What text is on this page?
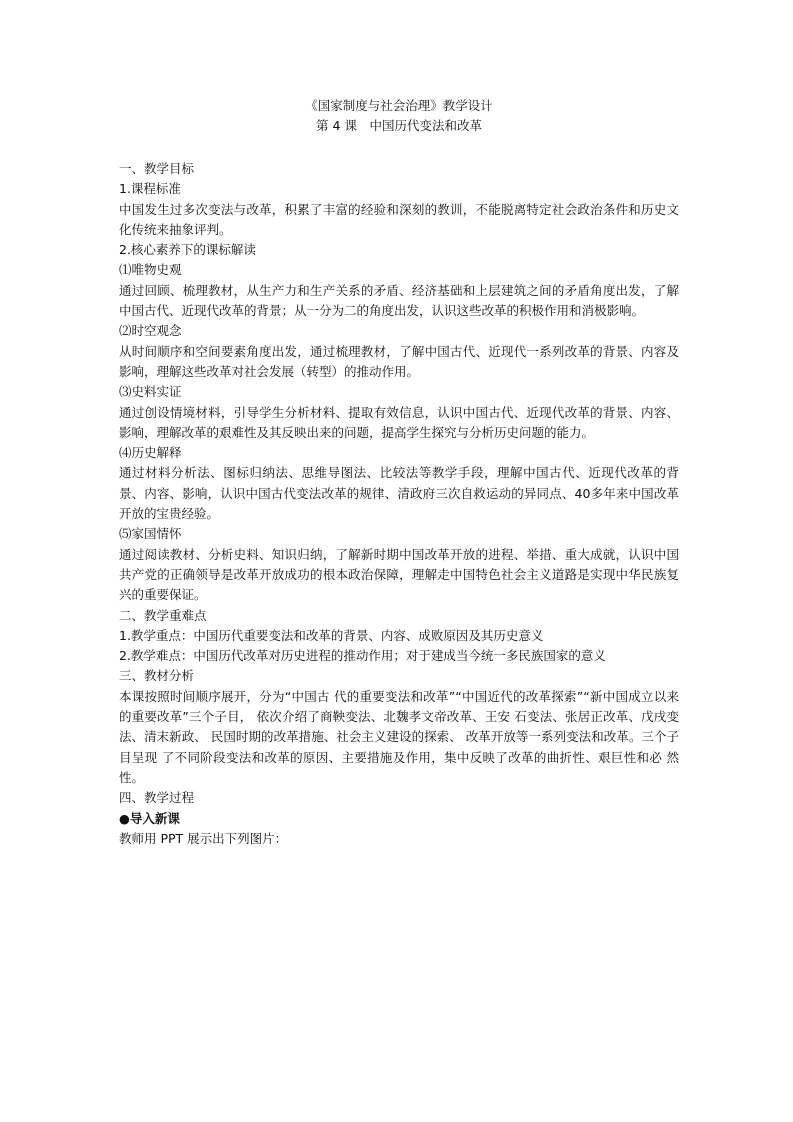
《国家制度与社会治理》教学设计

第 4 课　中国历代变法和改革

一、教学目标

1.课程标准

中国发生过多次变法与改革，积累了丰富的经验和深刻的教训，不能脱离特定社会政治条件和历史文化传统来抽象评判。

2.核心素养下的课标解读

⑴唯物史观

通过回顾、梳理教材，从生产力和生产关系的矛盾、经济基础和上层建筑之间的矛盾角度出发，了解中国古代、近现代改革的背景；从一分为二的角度出发，认识这些改革的积极作用和消极影响。

⑵时空观念

从时间顺序和空间要素角度出发，通过梳理教材，了解中国古代、近现代一系列改革的背景、内容及影响，理解这些改革对社会发展（转型）的推动作用。

⑶史料实证

通过创设情境材料，引导学生分析材料、提取有效信息，认识中国古代、近现代改革的背景、内容、影响，理解改革的艰难性及其反映出来的问题，提高学生探究与分析历史问题的能力。

⑷历史解释

通过材料分析法、图标归纳法、思维导图法、比较法等教学手段，理解中国古代、近现代改革的背景、内容、影响，认识中国古代变法改革的规律、清政府三次自救运动的异同点、40多年来中国改革开放的宝贵经验。

⑸家国情怀

通过阅读教材、分析史料、知识归纳，了解新时期中国改革开放的进程、举措、重大成就，认识中国共产党的正确领导是改革开放成功的根本政治保障，理解走中国特色社会主义道路是实现中华民族复兴的重要保证。

二、教学重难点

1.教学重点：中国历代重要变法和改革的背景、内容、成败原因及其历史意义

2.教学难点：中国历代改革对历史进程的推动作用；对于建成当今统一多民族国家的意义

三、教材分析

本课按照时间顺序展开，分为“中国古 代的重要变法和改革”“中国近代的改革探索”“新中国成立以来的重要改革”三个子目， 依次介绍了商鞅变法、北魏孝文帝改革、王安 石变法、张居正改革、戊戌变法、清末新政、 民国时期的改革措施、社会主义建设的探索、 改革开放等一系列变法和改革。三个子目呈现 了不同阶段变法和改革的原因、主要措施及作用，集中反映了改革的曲折性、艰巨性和必 然性。

四、教学过程

●导入新课

教师用 PPT 展示出下列图片：
